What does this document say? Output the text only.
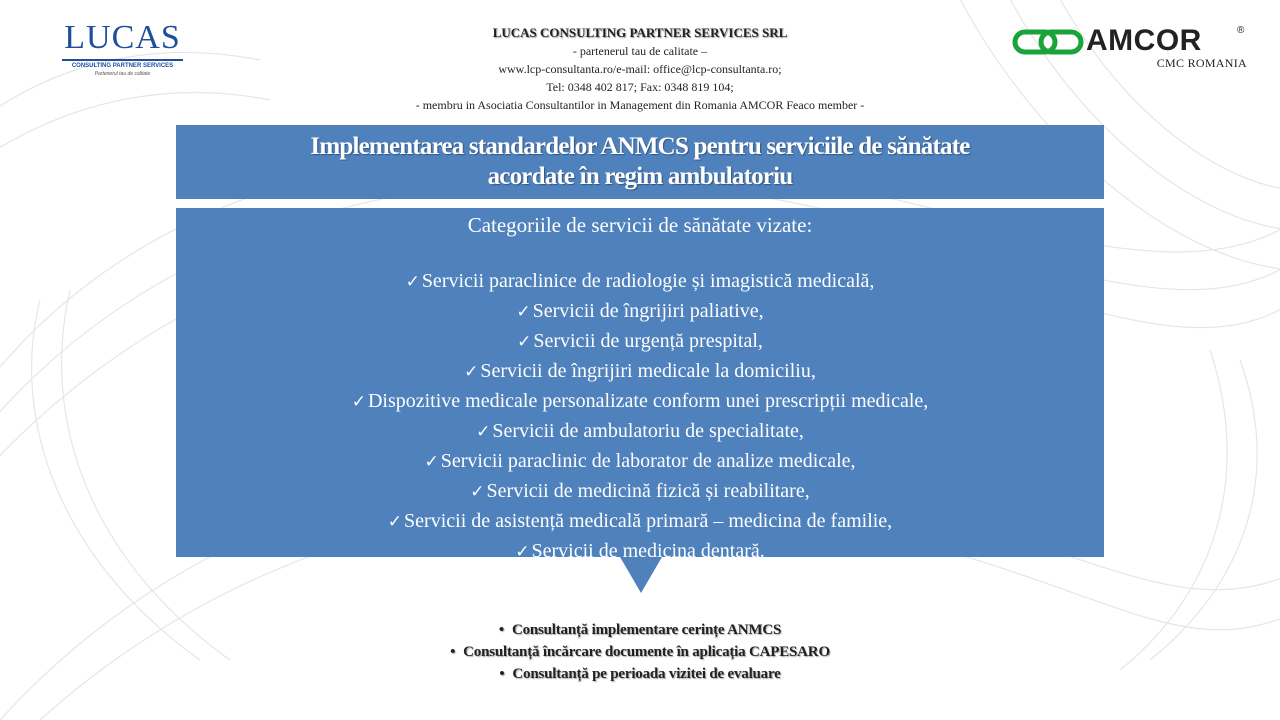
LUCAS
CONSULTING PARTNER SERVICES
Partenerul tau de calitate
LUCAS CONSULTING PARTNER SERVICES SRL
- partenerul tau de calitate –
www.lcp-consultanta.ro/e-mail: office@lcp-consultanta.ro;
Tel: 0348 402 817; Fax: 0348 819 104;
- membru in Asociatia Consultantilor in Management din Romania AMCOR Feaco member -
AMCOR	®
CMC ROMANIA
Implementarea standardelor ANMCS pentru serviciile de sănătate
acordate în regim ambulatoriu
Categoriile de servicii de sănătate vizate:
✓ Servicii paraclinice de radiologie și imagistică medicală,
✓ Servicii de îngrijiri paliative,
✓ Servicii de urgență prespital,
✓ Servicii de îngrijiri medicale la domiciliu,
✓ Dispozitive medicale personalizate conform unei prescripții medicale,
✓ Servicii de ambulatoriu de specialitate,
✓ Servicii paraclinic de laborator de analize medicale,
✓ Servicii de medicină fizică și reabilitare,
✓ Servicii de asistență medicală primară – medicina de familie,
✓ Servicii de medicina dentară.
• Consultanță implementare cerințe ANMCS
• Consultanță încărcare documente în aplicația CAPESARO
• Consultanță pe perioada vizitei de evaluare
